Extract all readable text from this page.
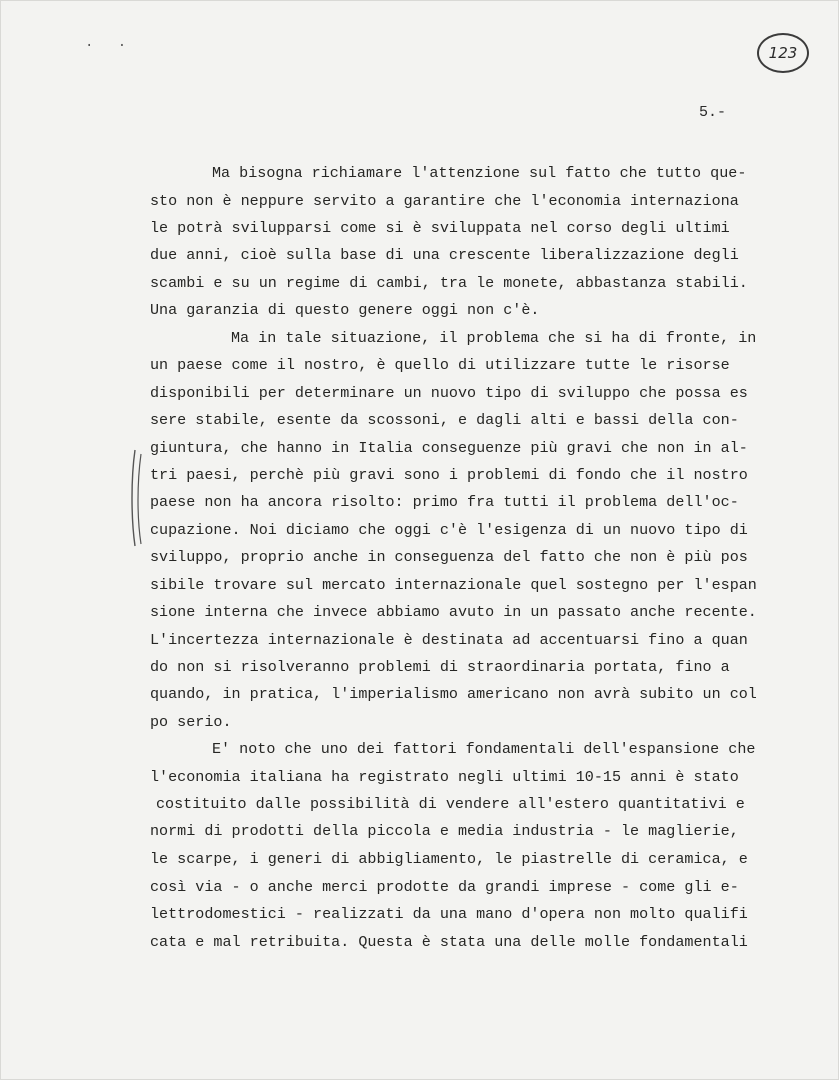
. .
123
5.-
Ma bisogna richiamare l'attenzione sul fatto che tutto que-
sto non è neppure servito a garantire che l'economia internaziona
le potrà svilupparsi come si è sviluppata nel corso degli ultimi
due anni, cioè sulla base di una crescente liberalizzazione degli
scambi e su un regime di cambi, tra le monete, abbastanza stabili.
Una garanzia di questo genere oggi non c'è.
Ma in tale situazione, il problema che si ha di fronte, in
un paese come il nostro, è quello di utilizzare tutte le risorse
disponibili per determinare un nuovo tipo di sviluppo che possa es
sere stabile, esente da scossoni, e dagli alti e bassi della con-
giuntura, che hanno in Italia conseguenze più gravi che non in al-
tri paesi, perchè più gravi sono i problemi di fondo che il nostro
paese non ha ancora risolto: primo fra tutti il problema dell'oc-
cupazione. Noi diciamo che oggi c'è l'esigenza di un nuovo tipo di
sviluppo, proprio anche in conseguenza del fatto che non è più pos
sibile trovare sul mercato internazionale quel sostegno per l'espan
sione interna che invece abbiamo avuto in un passato anche recente.
L'incertezza internazionale è destinata ad accentuarsi fino a quan
do non si risolveranno problemi di straordinaria portata, fino a
quando, in pratica, l'imperialismo americano non avrà subito un col
po serio.
E' noto che uno dei fattori fondamentali dell'espansione che
l'economia italiana ha registrato negli ultimi 10-15 anni è stato
costituito dalle possibilità di vendere all'estero quantitativi e
normi di prodotti della piccola e media industria - le maglierie,
le scarpe, i generi di abbigliamento, le piastrelle di ceramica, e
così via - o anche merci prodotte da grandi imprese - come gli e-
lettrodomestici - realizzati da una mano d'opera non molto qualifi
cata e mal retribuita. Questa è stata una delle molle fondamentali
